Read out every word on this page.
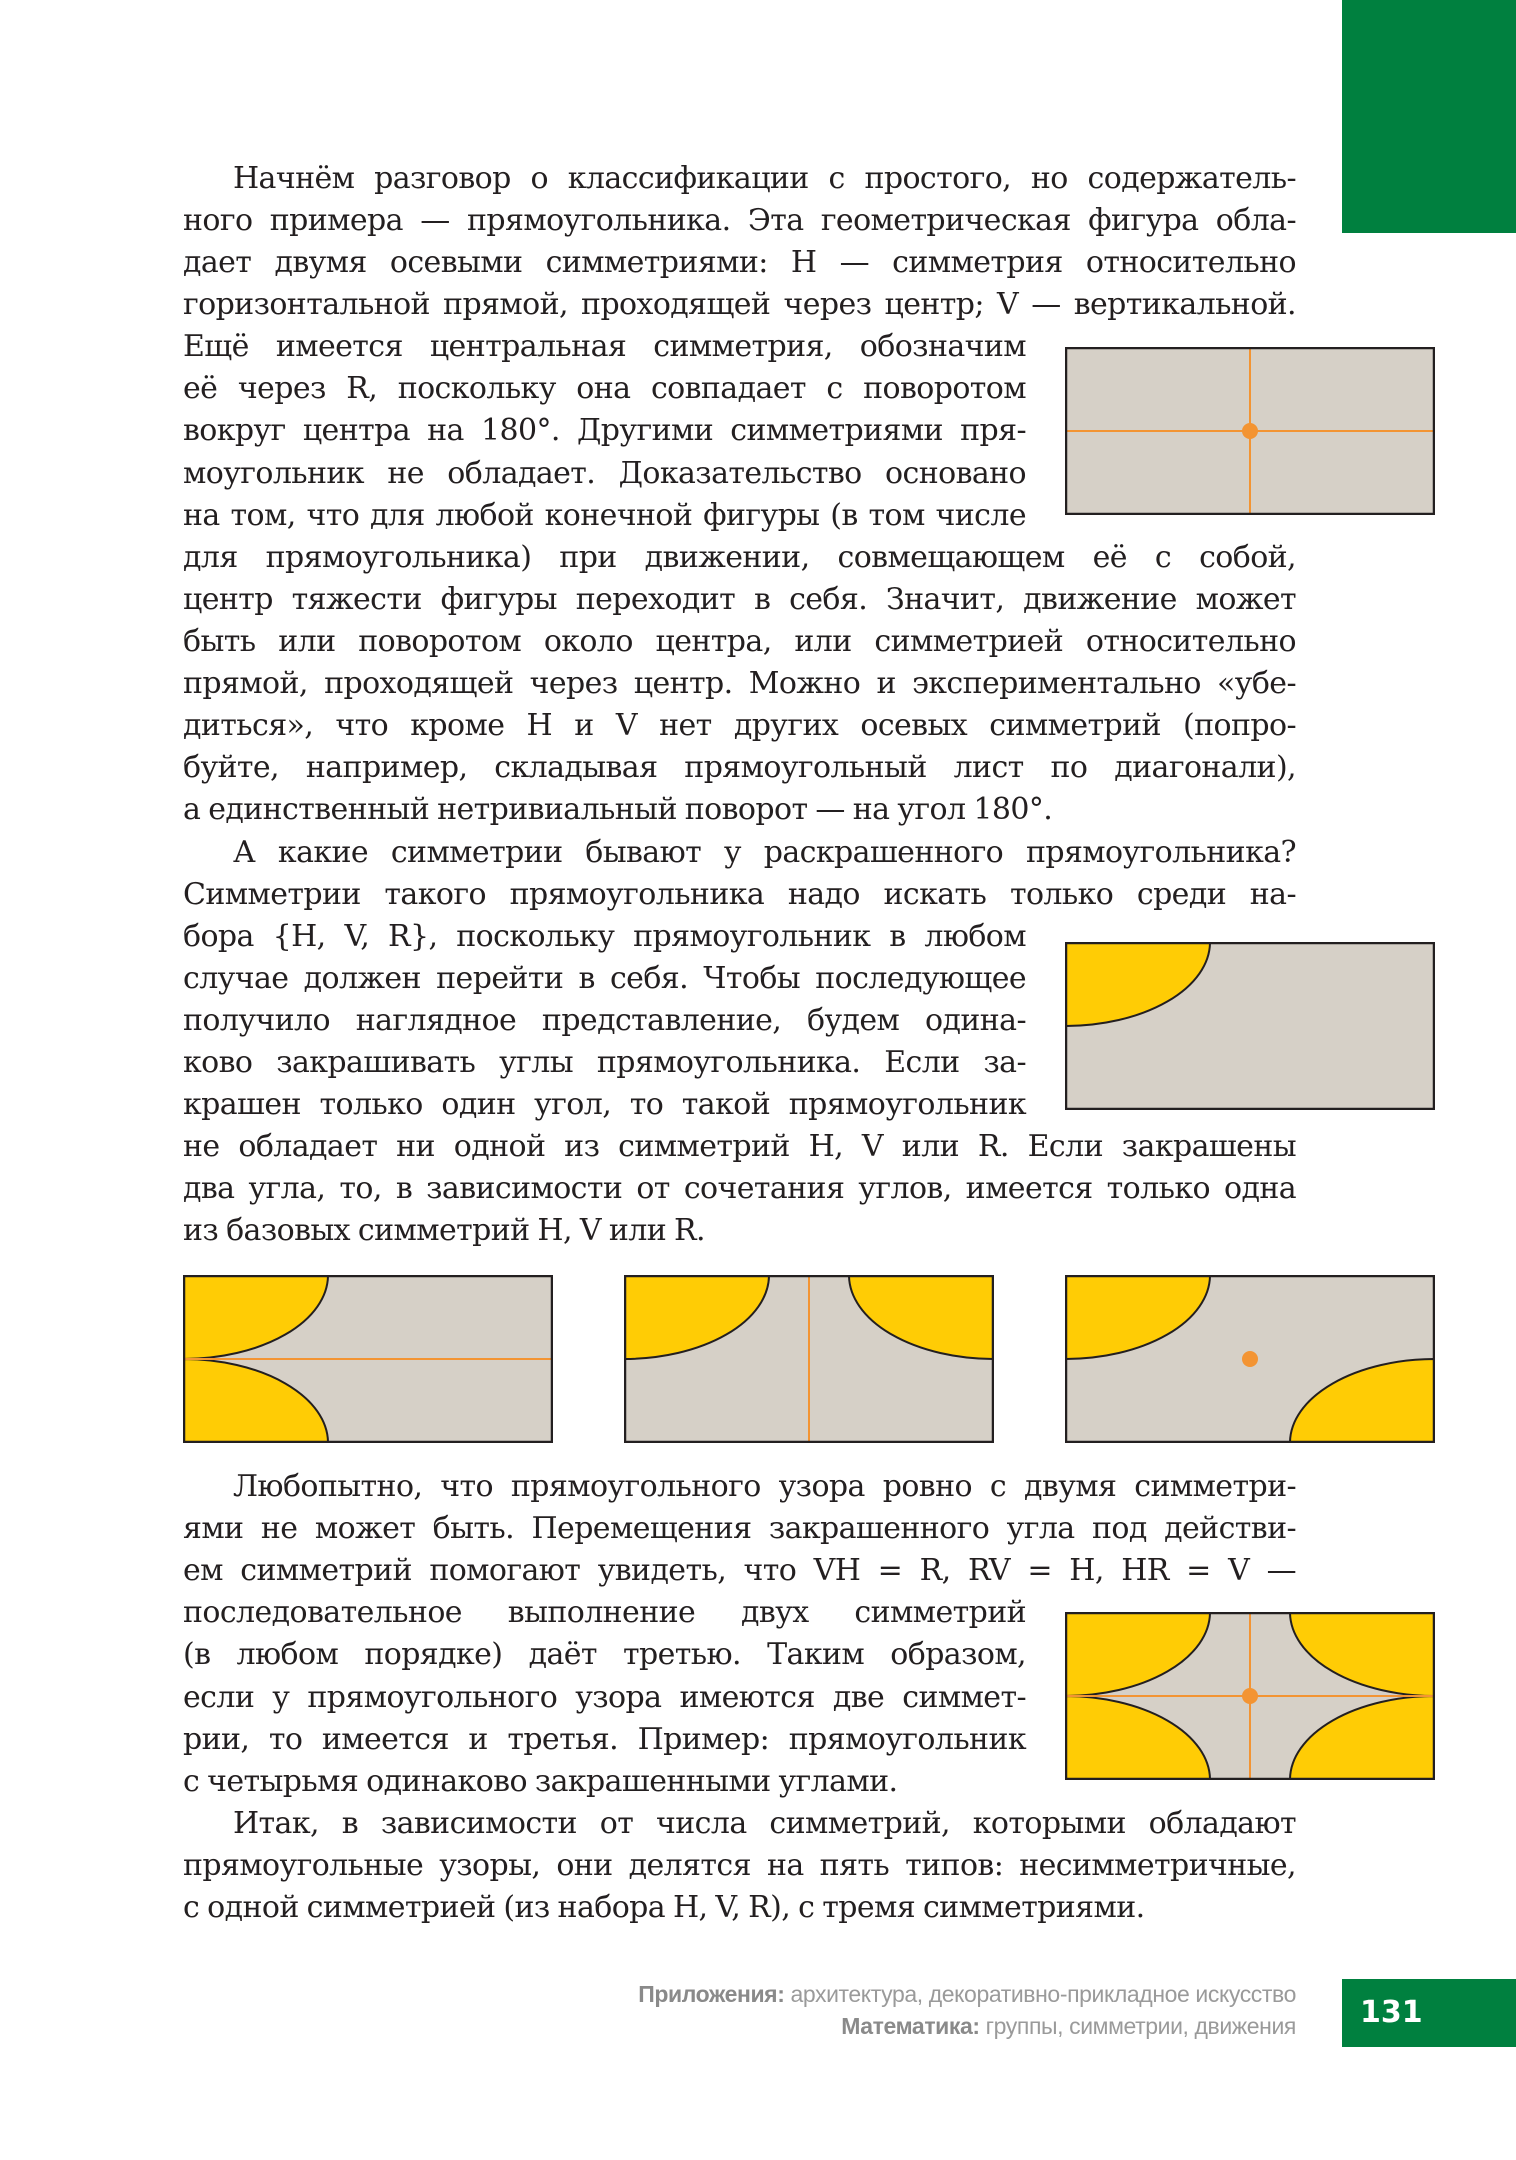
Начнём разговор о классификации с простого, но содержатель-
ного примера — прямоугольника. Эта геометрическая фигура обла-
дает двумя осевыми симметриями: H — симметрия относительно
горизонтальной прямой, проходящей через центр; V — вертикальной.
Ещё имеется центральная симметрия, обозначим
её через R, поскольку она совпадает с поворотом
вокруг центра на 180°. Другими симметриями пря-
моугольник не обладает. Доказательство основано
на том, что для любой конечной фигуры (в том числе
для прямоугольника) при движении, совмещающем её с собой,
центр тяжести фигуры переходит в себя. Значит, движение может
быть или поворотом около центра, или симметрией относительно
прямой, проходящей через центр. Можно и экспериментально «убе-
диться», что кроме H и V нет других осевых симметрий (попро-
буйте, например, складывая прямоугольный лист по диагонали),
а единственный нетривиальный поворот — на угол 180°.
А какие симметрии бывают у раскрашенного прямоугольника?
Симметрии такого прямоугольника надо искать только среди на-
бора {H, V, R}, поскольку прямоугольник в любом
случае должен перейти в себя. Чтобы последующее
получило наглядное представление, будем одина-
ково закрашивать углы прямоугольника. Если за-
крашен только один угол, то такой прямоугольник
не обладает ни одной из симметрий H, V или R. Если закрашены
два угла, то, в зависимости от сочетания углов, имеется только одна
из базовых симметрий H, V или R.
Любопытно, что прямоугольного узора ровно с двумя симметри-
ями не может быть. Перемещения закрашенного угла под действи-
ем симметрий помогают увидеть, что VH = R, RV = H, HR = V —
последовательное выполнение двух симметрий
(в любом порядке) даёт третью. Таким образом,
если у прямоугольного узора имеются две симмет-
рии, то имеется и третья. Пример: прямоугольник
с четырьмя одинаково закрашенными углами.
Итак, в зависимости от числа симметрий, которыми обладают
прямоугольные узоры, они делятся на пять типов: несимметричные,
с одной симметрией (из набора H, V, R), с тремя симметриями.
Приложения: архитектура, декоративно-прикладное искусство
Математика: группы, симметрии, движения	131
